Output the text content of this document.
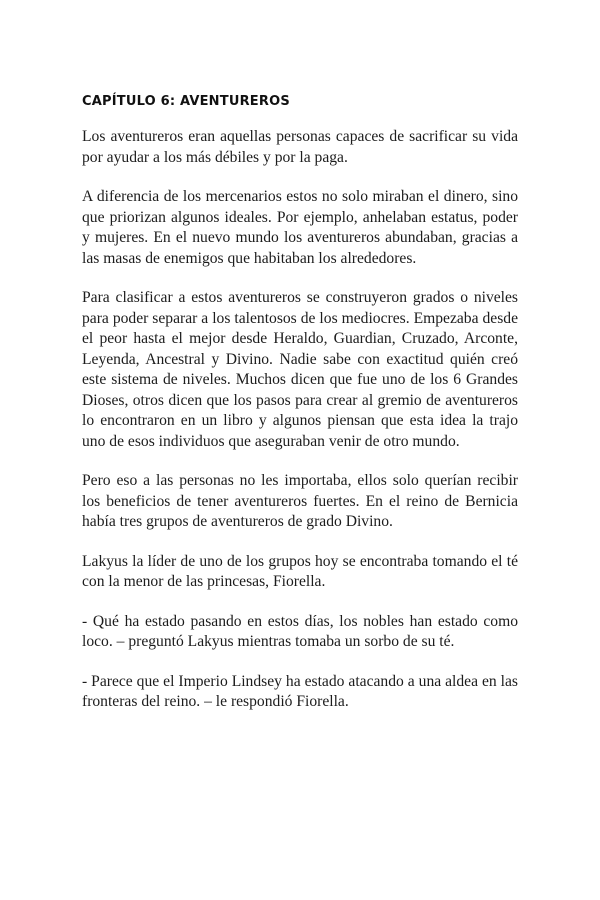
CAPÍTULO 6: AVENTUREROS

Los aventureros eran aquellas personas capaces de sacrificar su vida por ayudar a los más débiles y por la paga.

A diferencia de los mercenarios estos no solo miraban el dinero, sino que priorizan algunos ideales. Por ejemplo, anhelaban estatus, poder y mujeres. En el nuevo mundo los aventureros abundaban, gracias a las masas de enemigos que habitaban los alrededores.

Para clasificar a estos aventureros se construyeron grados o niveles para poder separar a los talentosos de los mediocres. Empezaba desde el peor hasta el mejor desde Heraldo, Guardian, Cruzado, Arconte, Leyenda, Ancestral y Divino. Nadie sabe con exactitud quién creó este sistema de niveles. Muchos dicen que fue uno de los 6 Grandes Dioses, otros dicen que los pasos para crear al gremio de aventureros lo encontraron en un libro y algunos piensan que esta idea la trajo uno de esos individuos que aseguraban venir de otro mundo.

Pero eso a las personas no les importaba, ellos solo querían recibir los beneficios de tener aventureros fuertes. En el reino de Bernicia había tres grupos de aventureros de grado Divino.

Lakyus la líder de uno de los grupos hoy se encontraba tomando el té con la menor de las princesas, Fiorella.

- Qué ha estado pasando en estos días, los nobles han estado como loco. – preguntó Lakyus mientras tomaba un sorbo de su té.

- Parece que el Imperio Lindsey ha estado atacando a una aldea en las fronteras del reino. – le respondió Fiorella.
